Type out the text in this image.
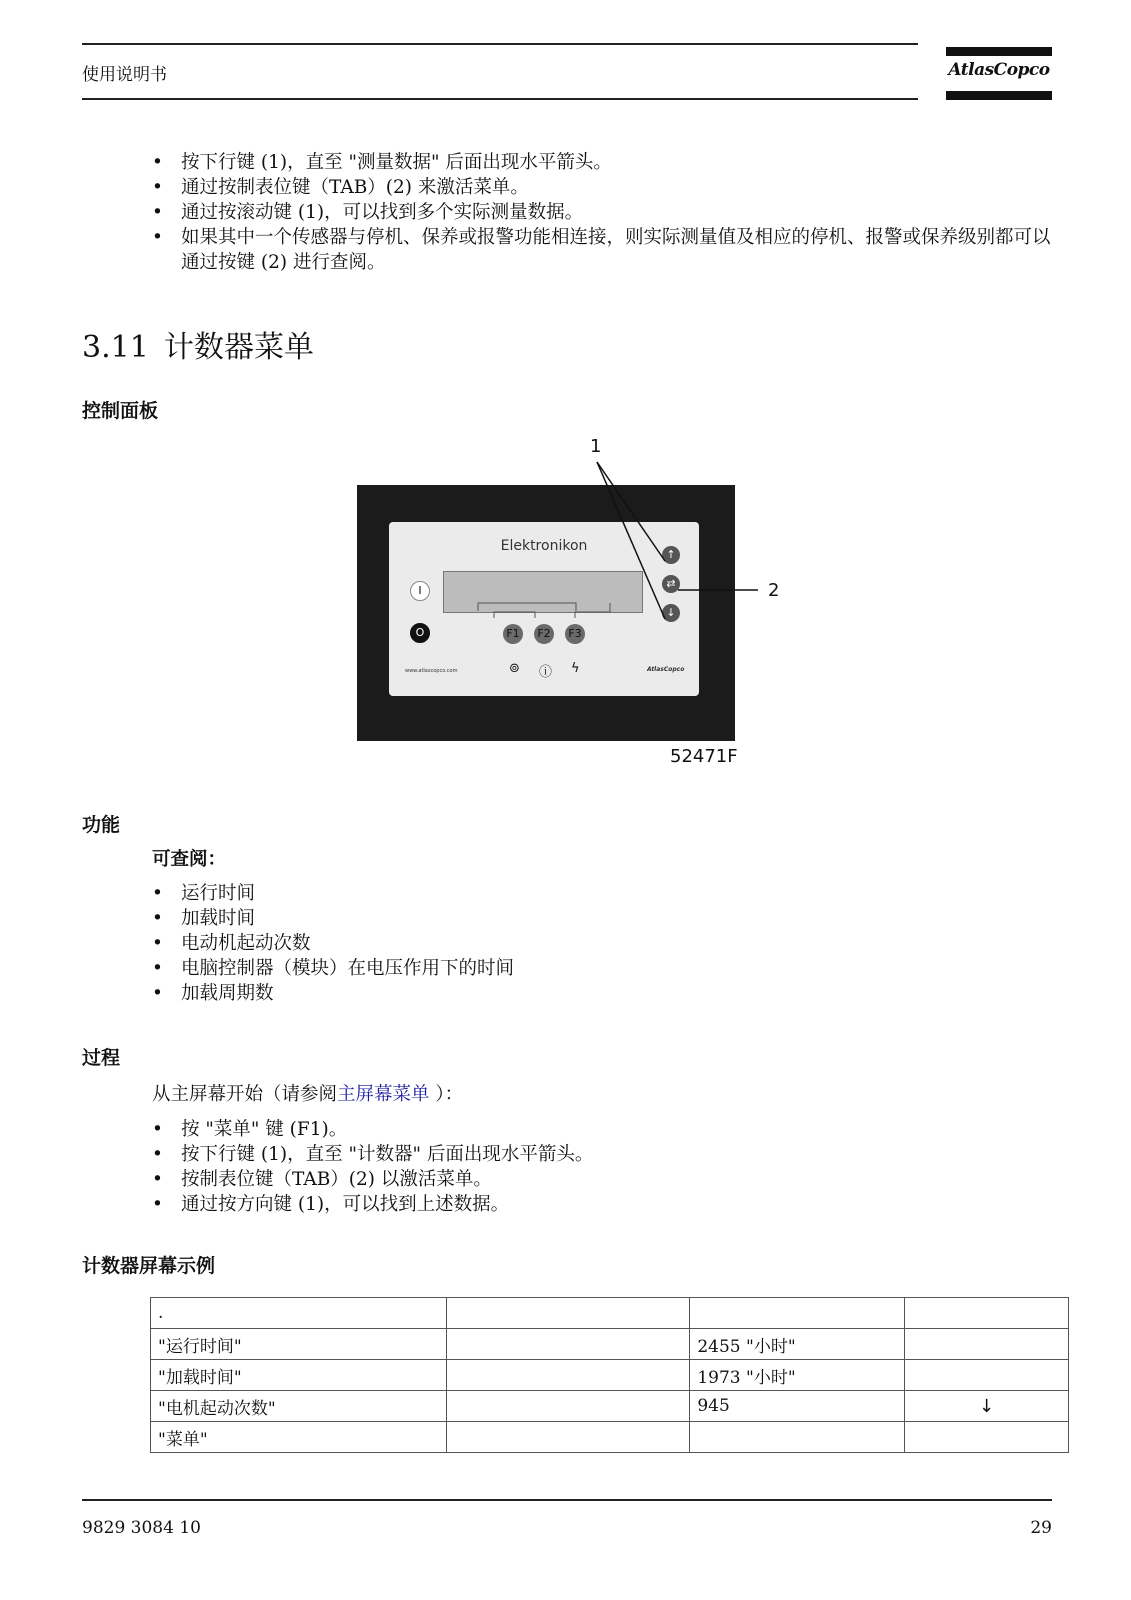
使用说明书	AtlasCopco
• 按下行键 (1)，直至 "测量数据" 后面出现水平箭头。
• 通过按制表位键（TAB）(2) 来激活菜单。
• 通过按滚动键 (1)，可以找到多个实际测量数据。
• 如果其中一个传感器与停机、保养或报警功能相连接，则实际测量值及相应的停机、报警或保养级别都可以通过按键 (2) 进行查阅。
3.11 计数器菜单
控制面板
1
2
Elektronikon
I
O
↑
⇄
↓
F1	F2	F3
www.atlascopco.com	⊚ ⓘ ϟ	AtlasCopco
52471F
功能
可查阅：
• 运行时间
• 加载时间
• 电动机起动次数
• 电脑控制器（模块）在电压作用下的时间
• 加载周期数
过程
从主屏幕开始（请参阅主屏幕菜单 ）：
• 按 "菜单" 键 (F1)。
• 按下行键 (1)，直至 "计数器" 后面出现水平箭头。
• 按制表位键（TAB）(2) 以激活菜单。
• 通过按方向键 (1)，可以找到上述数据。
计数器屏幕示例
.			
"运行时间"		2455 "小时"	
"加载时间"		1973 "小时"	
"电机起动次数"		945	↓
"菜单"			
9829 3084 10	29
